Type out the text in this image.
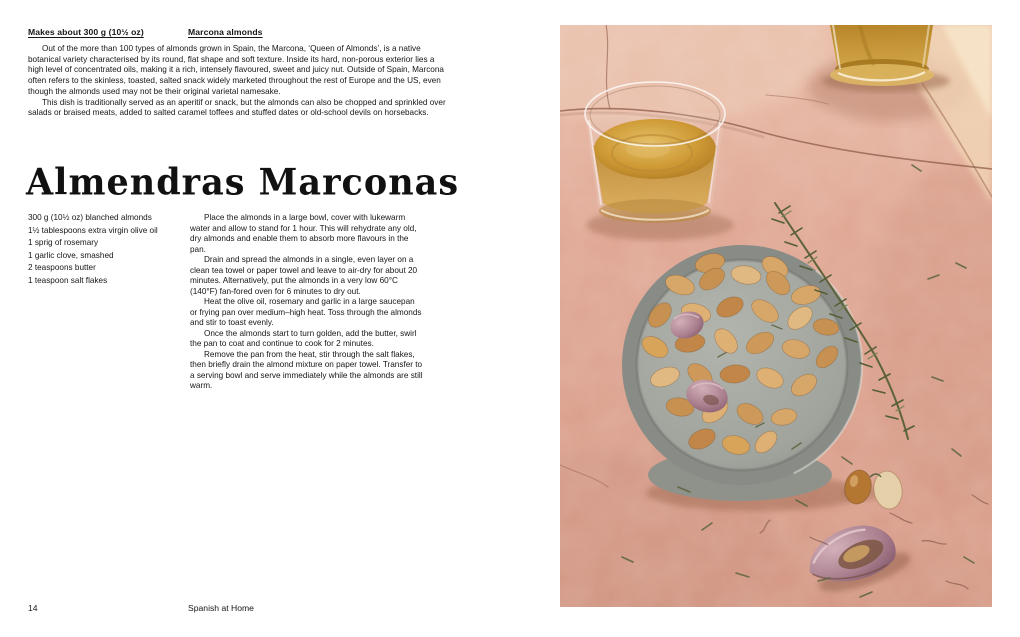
Makes about 300 g (10½ oz)	Marcona almonds

Out of the more than 100 types of almonds grown in Spain, the Marcona, ‘Queen of Almonds’, is a native botanical variety characterised by its round, flat shape and soft texture. Inside its hard, non-porous exterior lies a high level of concentrated oils, making it a rich, intensely flavoured, sweet and juicy nut. Outside of Spain, Marcona often refers to the skinless, toasted, salted snack widely marketed throughout the rest of Europe and the US, even though the almonds used may not be their original varietal namesake.

This dish is traditionally served as an aperitif or snack, but the almonds can also be chopped and sprinkled over salads or braised meats, added to salted caramel toffees and stuffed dates or old-school devils on horsebacks.

Almendras Marconas
300 g (10½ oz) blanched almonds
1½ tablespoons extra virgin olive oil
1 sprig of rosemary
1 garlic clove, smashed
2 teaspoons butter
1 teaspoon salt flakes

Place the almonds in a large bowl, cover with lukewarm water and allow to stand for 1 hour. This will rehydrate any old, dry almonds and enable them to absorb more flavours in the pan.

Drain and spread the almonds in a single, even layer on a clean tea towel or paper towel and leave to air-dry for about 20 minutes. Alternatively, put the almonds in a very low 60°C (140°F) fan-fored oven for 6 minutes to dry out.

Heat the olive oil, rosemary and garlic in a large saucepan or frying pan over medium–high heat. Toss through the almonds and stir to toast evenly.

Once the almonds start to turn golden, add the butter, swirl the pan to coat and continue to cook for 2 minutes.

Remove the pan from the heat, stir through the salt flakes, then briefly drain the almond mixture on paper towel. Transfer to a serving bowl and serve immediately while the almonds are still warm.

14	Spanish at Home
